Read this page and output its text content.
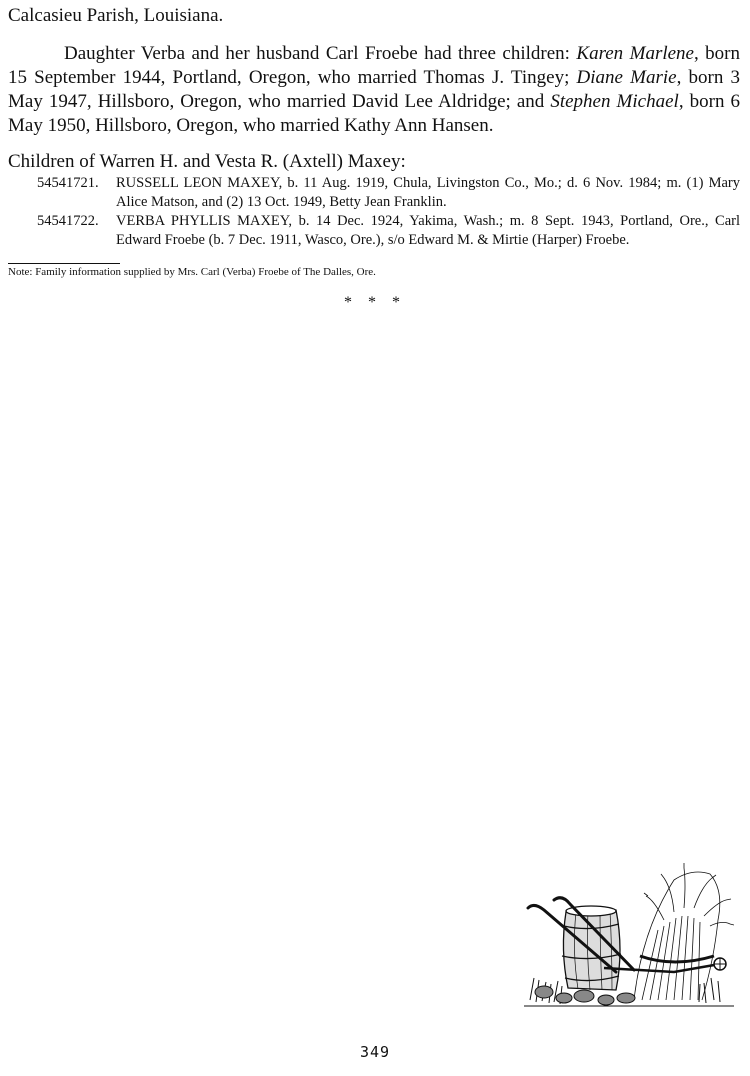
Calcasieu Parish, Louisiana.

Daughter Verba and her husband Carl Froebe had three children: Karen Marlene, born 15 September 1944, Portland, Oregon, who married Thomas J. Tingey; Diane Marie, born 3 May 1947, Hillsboro, Oregon, who married David Lee Aldridge; and Stephen Michael, born 6 May 1950, Hillsboro, Oregon, who married Kathy Ann Hansen.

Children of Warren H. and Vesta R. (Axtell) Maxey:

54541721.	RUSSELL LEON MAXEY, b. 11 Aug. 1919, Chula, Livingston Co., Mo.; d. 6 Nov. 1984; m. (1) Mary Alice Matson, and (2) 13 Oct. 1949, Betty Jean Franklin.
54541722.	VERBA PHYLLIS MAXEY, b. 14 Dec. 1924, Yakima, Wash.; m. 8 Sept. 1943, Portland, Ore., Carl Edward Froebe (b. 7 Dec. 1911, Wasco, Ore.), s/o Edward M. & Mirtie (Harper) Froebe.

Note: Family information supplied by Mrs. Carl (Verba) Froebe of The Dalles, Ore.

* * *

349
